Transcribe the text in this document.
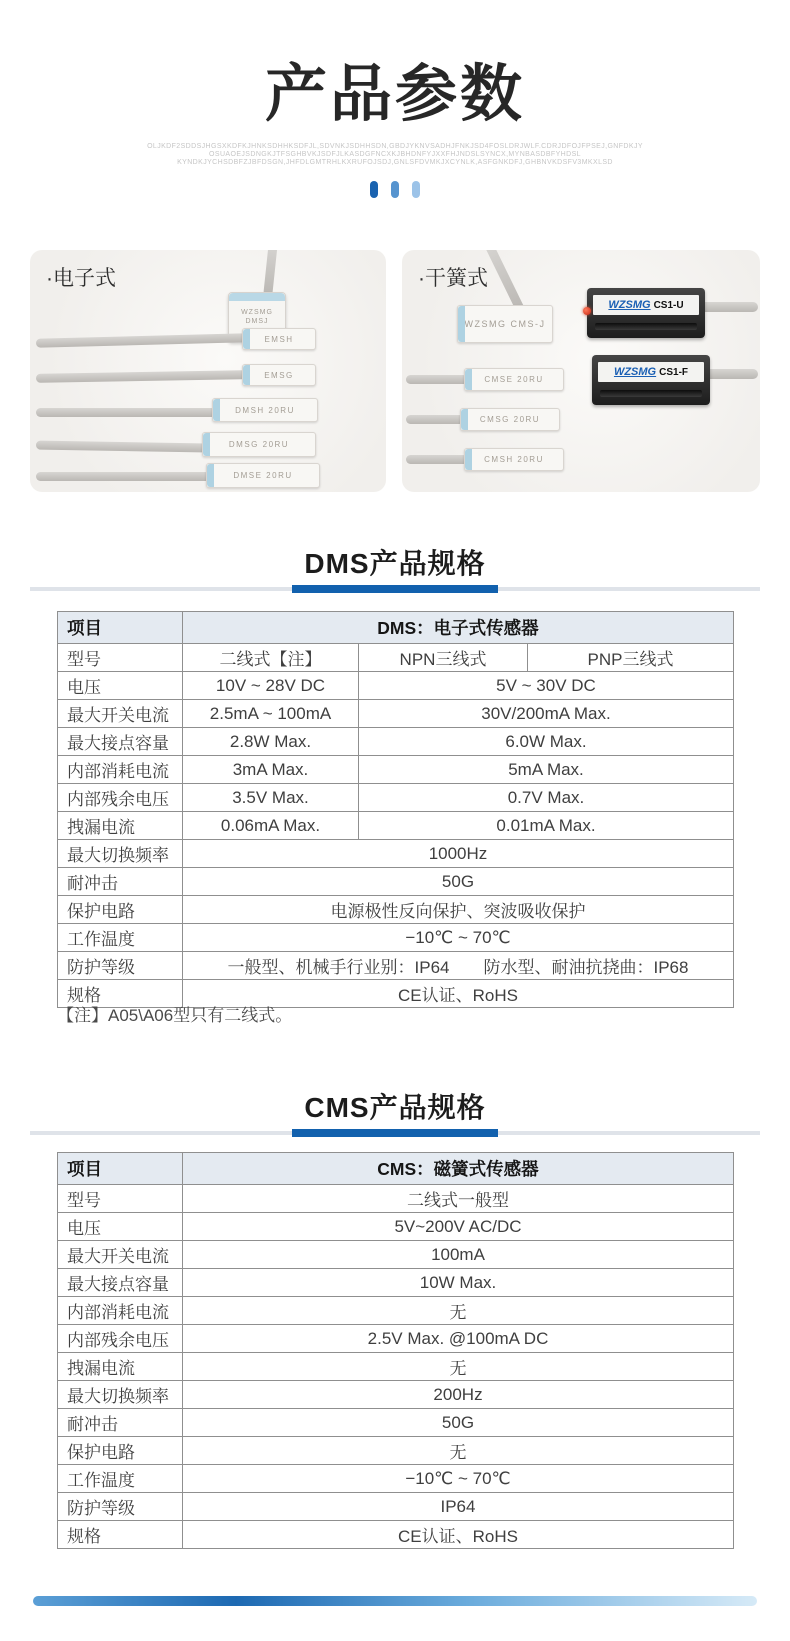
产品参数
OLJKDF2SDDSJHGSXKDFKJHNKSDHHKSDFJL,SDVNKJSDHHSDN,GBDJYKNVSADHJFNKJSD4FOSLDRJWLF.CDRJDFOJFPSEJ,GNFDKJY
OSUAOEJSDNGKJTFSGHBVKJSDFJLKASDGFNCXKJBHDNFYJXXFHJNDSLSYNCX,MYNBASDBFYHDSL
KYNDKJYCHSDBFZJBFDSGN,JHFDLGMTRHLKXRUFOJSDJ,GNLSFDVMKJXCYNLK,ASFGNKDFJ,GHBNVKDSFV3MKXLSD
·电子式
WZSMG
DMSJ
EMSH
EMSG
DMSH 20RU
DMSG 20RU
DMSE 20RU
·干簧式
WZSMG CMS-J
CMSE 20RU
CMSG 20RU
CMSH 20RU
WZSMG CS1-U
WZSMG CS1-F
DMS产品规格
项目	DMS：电子式传感器		
型号	二线式【注】	NPN三线式	PNP三线式
电压	10V ~ 28V DC	5V ~ 30V DC	
最大开关电流	2.5mA ~ 100mA	30V/200mA Max.	
最大接点容量	2.8W Max.	6.0W Max.	
内部消耗电流	3mA Max.	5mA Max.	
内部残余电压	3.5V Max.	0.7V Max.	
拽漏电流	0.06mA Max.	0.01mA Max.	
最大切换频率	1000Hz		
耐冲击	50G		
保护电路	电源极性反向保护、突波吸收保护		
工作温度	−10℃ ~ 70℃		
防护等级	一般型、机械手行业别：IP64　　防水型、耐油抗挠曲：IP68		
规格	CE认证、RoHS		
【注】A05\A06型只有二线式。
CMS产品规格
项目	CMS：磁簧式传感器
型号	二线式一般型
电压	5V~200V AC/DC
最大开关电流	100mA
最大接点容量	10W Max.
内部消耗电流	无
内部残余电压	2.5V Max. @100mA DC
拽漏电流	无
最大切换频率	200Hz
耐冲击	50G
保护电路	无
工作温度	−10℃ ~ 70℃
防护等级	IP64
规格	CE认证、RoHS
